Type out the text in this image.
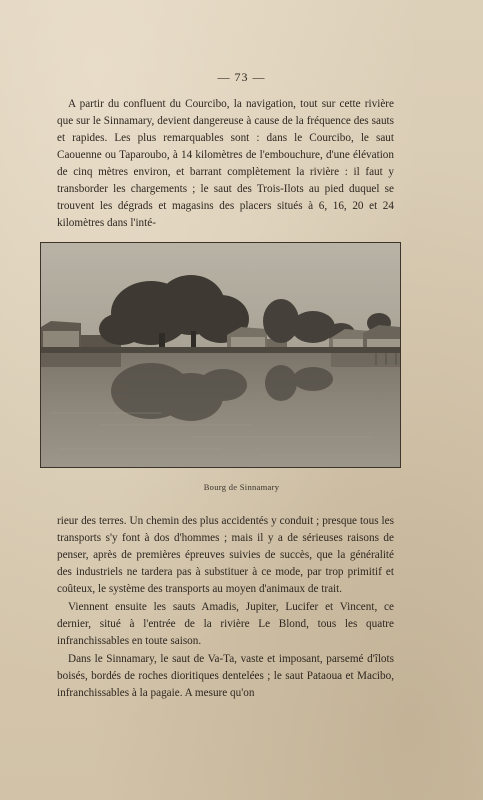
— 73 —

A partir du confluent du Courcibo, la navigation, tout sur cette rivière que sur le Sinnamary, devient dangereuse à cause de la fréquence des sauts et rapides. Les plus remarquables sont : dans le Courcibo, le saut Caouenne ou Taparoubo, à 14 kilomètres de l'embouchure, d'une élévation de cinq mètres environ, et barrant complètement la rivière : il faut y transborder les chargements ; le saut des Trois-Ilots au pied duquel se trouvent les dégrads et magasins des placers situés à 6, 16, 20 et 24 kilomètres dans l'inté-

Bourg de Sinnamary

rieur des terres. Un chemin des plus accidentés y conduit ; presque tous les transports s'y font à dos d'hommes ; mais il y a de sérieuses raisons de penser, après de premières épreuves suivies de succès, que la généralité des industriels ne tardera pas à substituer à ce mode, par trop primitif et coûteux, le système des transports au moyen d'animaux de trait.

Viennent ensuite les sauts Amadis, Jupiter, Lucifer et Vincent, ce dernier, situé à l'entrée de la rivière Le Blond, tous les quatre infranchissables en toute saison.

Dans le Sinnamary, le saut de Va-Ta, vaste et imposant, parsemé d'îlots boisés, bordés de roches dioritiques dentelées ; le saut Pataoua et Macibo, infranchissables à la pagaie. A mesure qu'on
